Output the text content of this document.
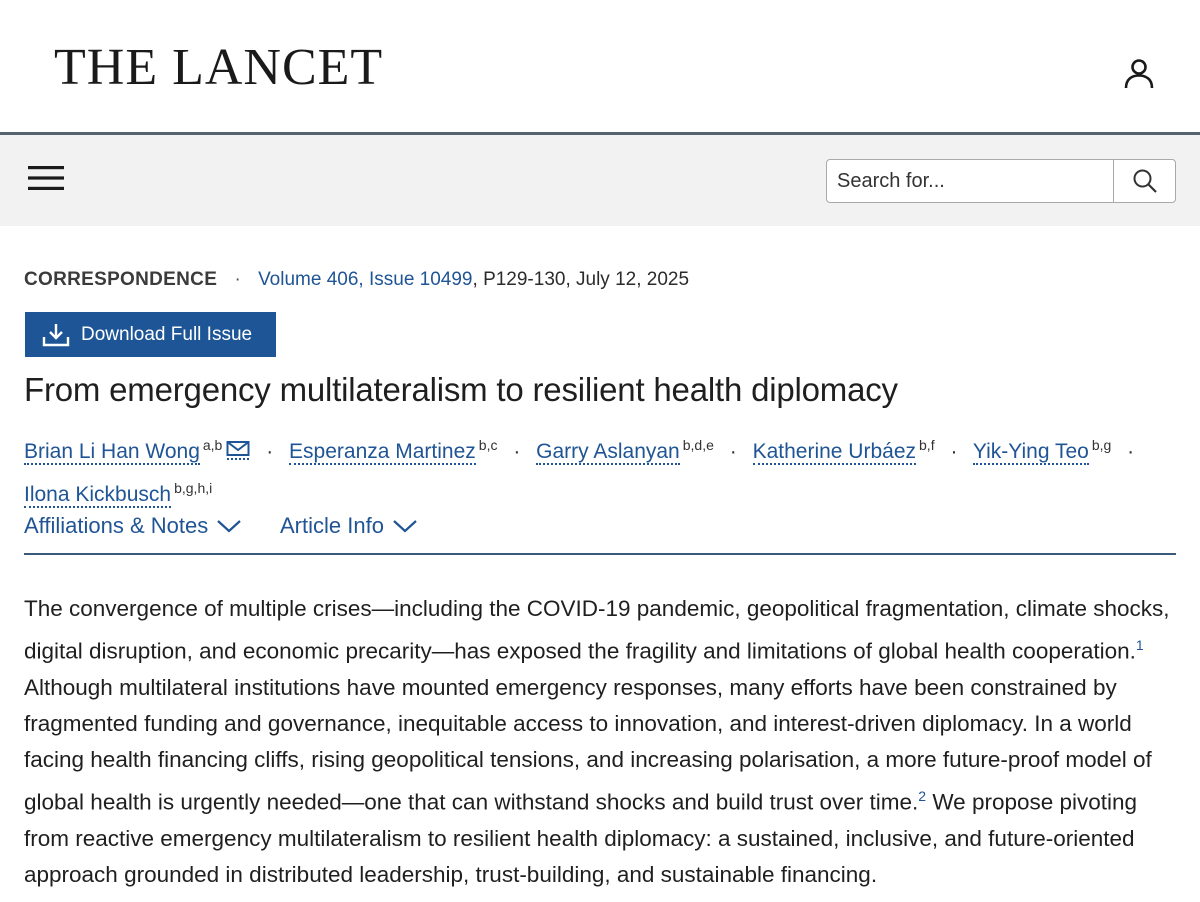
THE LANCET
Search for...
CORRESPONDENCE · Volume 406, Issue 10499, P129-130, July 12, 2025
Download Full Issue
From emergency multilateralism to resilient health diplomacy
Brian Li Han Wong $^{a,b}$ · Esperanza Martinez $^{b,c}$ · Garry Aslanyan $^{b,d,e}$ · Katherine Urbáez $^{b,f}$ · Yik-Ying Teo $^{b,g}$ ·
Ilona Kickbusch $^{b,g,h,i}$
Affiliations & Notes	Article Info

The convergence of multiple crises—including the COVID-19 pandemic, geopolitical fragmentation, climate shocks, digital disruption, and economic precarity—has exposed the fragility and limitations of global health cooperation.$^1$ Although multilateral institutions have mounted emergency responses, many efforts have been constrained by fragmented funding and governance, inequitable access to innovation, and interest-driven diplomacy. In a world facing health financing cliffs, rising geopolitical tensions, and increasing polarisation, a more future-proof model of global health is urgently needed—one that can withstand shocks and build trust over time.$^2$ We propose pivoting from reactive emergency multilateralism to resilient health diplomacy: a sustained, inclusive, and future-oriented approach grounded in distributed leadership, trust-building, and sustainable financing.
